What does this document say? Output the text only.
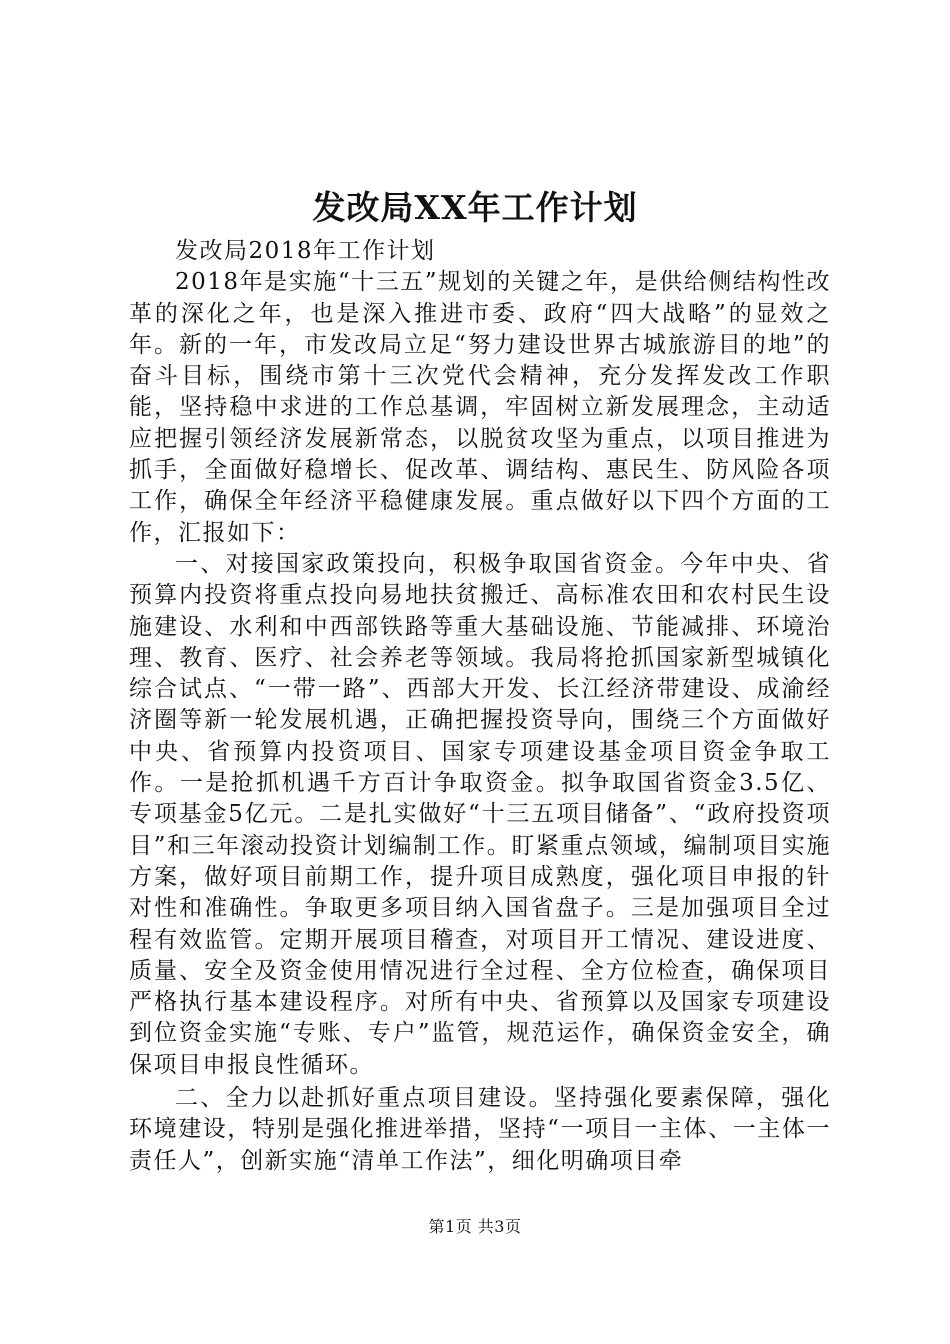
发改局XX年工作计划

发改局2018年工作计划

2018年是实施“十三五”规划的关键之年，是供给侧结构性改革的深化之年，也是深入推进市委、政府“四大战略”的显效之年。新的一年，市发改局立足“努力建设世界古城旅游目的地”的奋斗目标，围绕市第十三次党代会精神，充分发挥发改工作职能，坚持稳中求进的工作总基调，牢固树立新发展理念，主动适应把握引领经济发展新常态，以脱贫攻坚为重点，以项目推进为抓手，全面做好稳增长、促改革、调结构、惠民生、防风险各项工作，确保全年经济平稳健康发展。重点做好以下四个方面的工作，汇报如下：

一、对接国家政策投向，积极争取国省资金。今年中央、省预算内投资将重点投向易地扶贫搬迁、高标准农田和农村民生设施建设、水利和中西部铁路等重大基础设施、节能减排、环境治理、教育、医疗、社会养老等领域。我局将抢抓国家新型城镇化综合试点、“一带一路”、西部大开发、长江经济带建设、成渝经济圈等新一轮发展机遇，正确把握投资导向，围绕三个方面做好中央、省预算内投资项目、国家专项建设基金项目资金争取工作。一是抢抓机遇千方百计争取资金。拟争取国省资金3.5亿、专项基金5亿元。二是扎实做好“十三五项目储备”、“政府投资项目”和三年滚动投资计划编制工作。盯紧重点领域，编制项目实施方案，做好项目前期工作，提升项目成熟度，强化项目申报的针对性和准确性。争取更多项目纳入国省盘子。三是加强项目全过程有效监管。定期开展项目稽查，对项目开工情况、建设进度、质量、安全及资金使用情况进行全过程、全方位检查，确保项目严格执行基本建设程序。对所有中央、省预算以及国家专项建设到位资金实施“专账、专户”监管，规范运作，确保资金安全，确保项目申报良性循环。

二、全力以赴抓好重点项目建设。坚持强化要素保障，强化环境建设，特别是强化推进举措，坚持“一项目一主体、一主体一责任人”，创新实施“清单工作法”，细化明确项目牵

第1页 共3页
